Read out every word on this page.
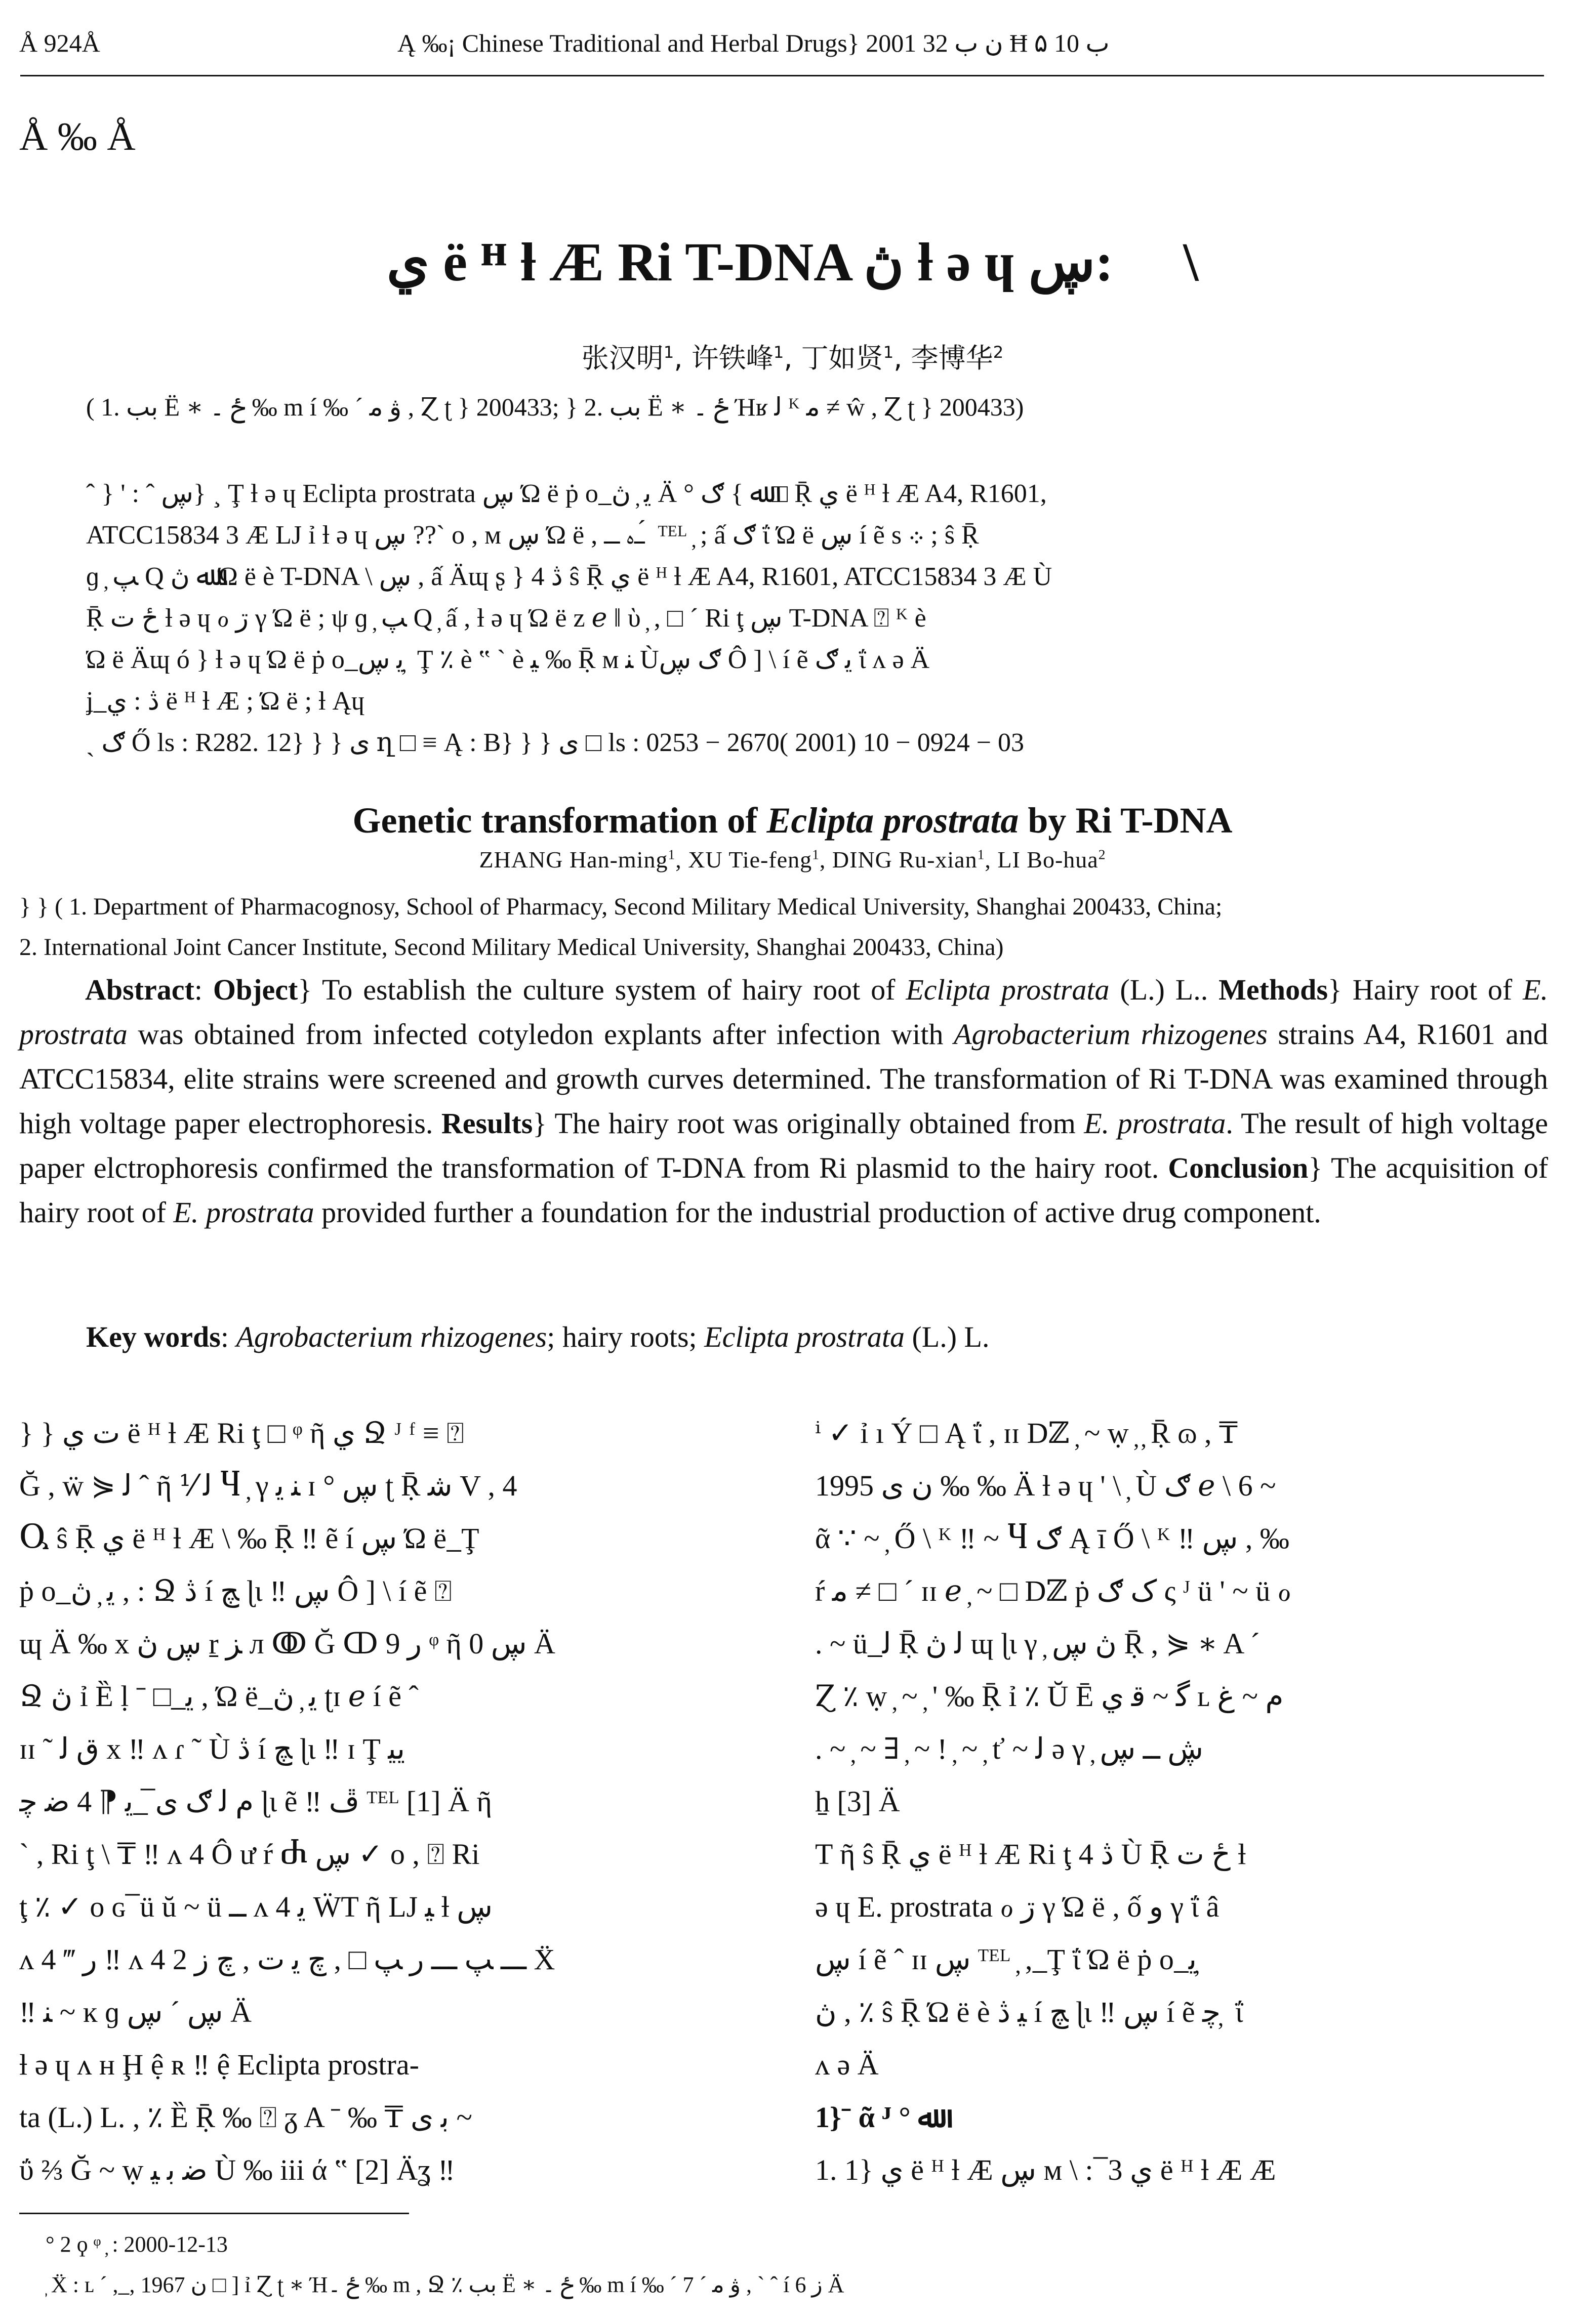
Å 924Å	Ą ‰¡ Chinese Traditional and Herbal Drugs} 2001 ن ب 32 Ħ ب 10 ۵
Å ‰ Å
ي ë ᴴ ƚ Æ Ri T-DNA ڽ ƚ ә ɥ ڛ: ِ \
张汉明$^1$, 许铁峰$^1$, 丁如贤$^1$, 李博华$^2$
( 1. بب Ë ∗ ځ ۔ ‰ m í ‰ ´ ۋ ﻣ , Ɀ ʈ } 200433; } 2. بب Ë ∗ ځ ۔ Ήʁ ﻟ ᴷ ﻣ ≠ ŵ , Ɀ ʈ } 200433)
ˆ } ' : ˆ ڛ} ¸ Ţ ƚ ә ɥ Eclipta prostrata ڛ Ώ ë ṗ ο ̲ ﻳ ̦ ڽ Ä ° ﷲ } ګ □ Ṝ ي ë ᴴ ƚ Æ A4, R1601,
ATCC15834 3 Æ Ǉ ỉ ƚ ә ɥ ڛ ??ˋ ο , ᴍ ڛ Ώ ë , ــﮦ ـــ ́ ᵀᴱᴸ ̦ ; ấ ګ ΐ Ώ ë ڛ í ẽ s ܀ ; ŝ Ṝ
ɡ ̦ ﭗ Q ﷲ ڽ Ώ ë è T-DNA \ ڛ , ấ Äɰ ʂ } 4 ڎ ŝ Ṝ ي ë ᴴ ƚ Æ A4, R1601, ATCC15834 3 Æ Ù
Ṝ ځ ت ƚ ә ɥ ℴ ڗ γ Ώ ë ; ψ ɡ ̦ ﭗ Q ̦ ấ , ƚ ә ɥ Ώ ë ᴢ ℯ ǁ ὺ ̦ , □ ´ Ri ţ ڛ T-DNA ⍰ ᴷ è
Ώ ë Äɰ ó } ƚ ә ɥ Ώ ë ṗ ο ̲ ﻳ ڛ ̦ Ţ ٪ è ‟ ` è ﯿ ‰ Ṝ ᴍ ﻨ Ùګ ڛ Ô ] \ í ẽ ﯾ ګ ΐ ᴧ ә Ä
ʝ ̲ ڎ : ي ë ᴴ ƚ Æ ; Ώ ë ; ƚ Ąɥ
ˎ ګ Ő ls : R282. 12} } } ى ղ □ ≡ Ą : B} } } ى □ ls : 0253 − 2670( 2001) 10 − 0924 − 03
Genetic transformation of Eclipta prostrata by Ri T-DNA
ZHANG Han-ming$^1$, XU Tie-feng$^1$, DING Ru-xian$^1$, LI Bo-hua$^2$
} } ( 1. Department of Pharmacognosy, School of Pharmacy, Second Military Medical University, Shanghai 200433, China;
2. International Joint Cancer Institute, Second Military Medical University, Shanghai 200433, China)
Abstract: Object} To establish the culture system of hairy root of Eclipta prostrata (L.) L.. Methods} Hairy root of E. prostrata was obtained from infected cotyledon explants after infection with Agrobacterium rhizogenes strains A4, R1601 and ATCC15834, elite strains were screened and growth curves determined. The transformation of Ri T-DNA was examined through high voltage paper electrophoresis. Results} The hairy root was originally obtained from E. prostrata. The result of high voltage paper elctrophoresis confirmed the transformation of T-DNA from Ri plasmid to the hairy root. Conclusion} The acquisition of hairy root of E. prostrata provided further a foundation for the industrial production of active drug component.
Key words: Agrobacterium rhizogenes; hairy roots; Eclipta prostrata (L.) L.
} } ت ي ë ᴴ ƚ Æ Ri ţ □ ᵠ ῆ ي Ջ ᴶ ᶠ ≡ ⍰
Ğ , ẅ ⋟ ﻟ ˆ ῆ ⅟ ﻟ Ⴗ ̦ γ ﻨ ﻳ ɪ ° ڛ ʈ Ṝ ﺷ V , 4
Ⴓ ŝ Ṝ ي ë ᴴ ƚ Æ \ ‰ Ṝ ‼ ẽ í ڛ Ώ ë ̲ Ţ
ṗ ο ̲ ﻳ ̦ ڽ , : Ջ ڎ í ﭻ ɭɩ ‼ ڛ Ô ] \ í ẽ ⍰
ɰ Ä ‰ x ڛ ڽ ṟ ﺰ л ↂ Ğ ↀ 9 ﺭ ᵠ ῆ ڛ 0 Ä
Ջ ڽ ỉ Ȅ ḷ ˉ □ ̲ ﻳ , Ώ ë ̲ ﻳ ̦ ڽ ʈɪ ℯ í ẽ ˆ
ɪɪ ˜ ﻕ ﻟ x ‼ ᴧ ɾ ˜ Ù ڎ í ﭻ ɭɩ ‼ ɪ Ţ ﻳﻴ
ﻡ ﻟ ګ ى ̅ ̲ ﻳ ⁋ 4 ﺿ ﭼ ɭɩ ẽ ‼ ڦ ᵀᴱᴸ [1] Ä ῆ
ˋ , Ri ţ \ ₸ ‼ ᴧ 4 Ô ư ŕ Ⴛ ڛ ✓ ο , ⍰ Ri
ţ ٪ ✓ ο ɢ ̅ ü ŭ ~ ü ــ ᴧ 4 ﻳ ẄT ῆ Ǉ ﯿ ƚ ڛ
ᴧ 4 ‴ ﺭ ‼ ᴧ 4 ـــ ﭗ ـــ ﺭ ﭗ □ , ﭺ ﻳ ت , ﭺ ﺯ 2 Ẍ
‼ ﻨ ~ ĸ ɡ ڛ ´ ڛ Ä
ƚ ә ɥ ᴧ н Ḩ ệ ʀ ‼ ệ Eclipta prostra-
ta (L.) L. , ٪ Ȅ Ṝ ‰ ⍰ ᵹ A ˉ ‰ ₸ ﺑ ى ~
ΰ ⅔ Ğ ~ ẉ ﺿ ﺑ ﯿ Ù ‰ iii ά ‟ [2] Äʓ ‼
ⁱ ✓ ỉ ı Ý □ Ą ΐ , ɪɪ Dℤ ̦ ~ ẉ ̦ ̦ Ṝ ɷ , ₸
1995 ن ى ‰ ‰ Ä ƚ ә ɥ ' \ ̦ Ù ګ ℯ \ 6 ~
ᾶ ∵ ~ ̦ Ő \ ᴷ ‼ ~ Ⴗ ګ Ą ī Ő \ ᴷ ‼ ڛ , ‰
ŕ ﻣ ≠ □ ´ ɪɪ ℯ ̦ ~ □ Dℤ ṗ ک ګ ς ᴶ ü ' ~ ü ℴ
. ~ ü ̲ ﻟ Ṝ ﻟ ڽ ɰ ɭɩ γ ̦ ڽ ڛ Ṝ , ⋟ ∗ A ´
Ɀ ٪ ẉ ̦ ~ ̦ ' ‰ Ṝ ỉ ٪ Ŭ Ē ﮔ ~ ﻗ ي ʟ ﻡ ~ ﻍ
. ~ ̦ ~ ∃ ̦ ~ ! ̦ ~ ̦ ť ~ ﻟ ә γ ̦ ڜ ــ ڛ
ẖ [3] Ä
T ῆ ŝ Ṝ ي ë ᴴ ƚ Æ Ri ţ 4 ڎ Ù Ṝ ځ ت ƚ
ә ɥ E. prostrata ℴ ڗ γ Ώ ë , ố ﻭ γ ΐ â
ڛ í ẽ ˆ ɪɪ ڛ ᵀᴱᴸ ̦ , ̲ Ţ ΐ Ώ ë ṗ ο ̲ ﻳ ̦
ڽ , ٪ ŝ Ṝ Ώ ë è ﯿ ڎ í ﭻ ɭɩ ‼ ڛ í ẽ ﭼ ̦ ΐ
ᴧ ә Ä
1}ˉ ᾶ ᴶ ° ﷲ
1. 1} ي ë ᴴ ƚ Æ ڛ ᴍ \ : ̅ 3 ي ë ᴴ ƚ Æ Æ
° 2 ϙ ᵠ ̦ : 2000-12-13
̦ Ẍ : ʟ ´ , ̲ , 1967 ن □ ] ỉ Ɀ ʈ ∗ Ήځ ۔ ‰ m , Ջ ٪ بب Ë ∗ ځ ۔ ‰ m í ‰ ´ ۋ ﻣ ´ 7 , ` ˆ í ﺯ 6 Ä
